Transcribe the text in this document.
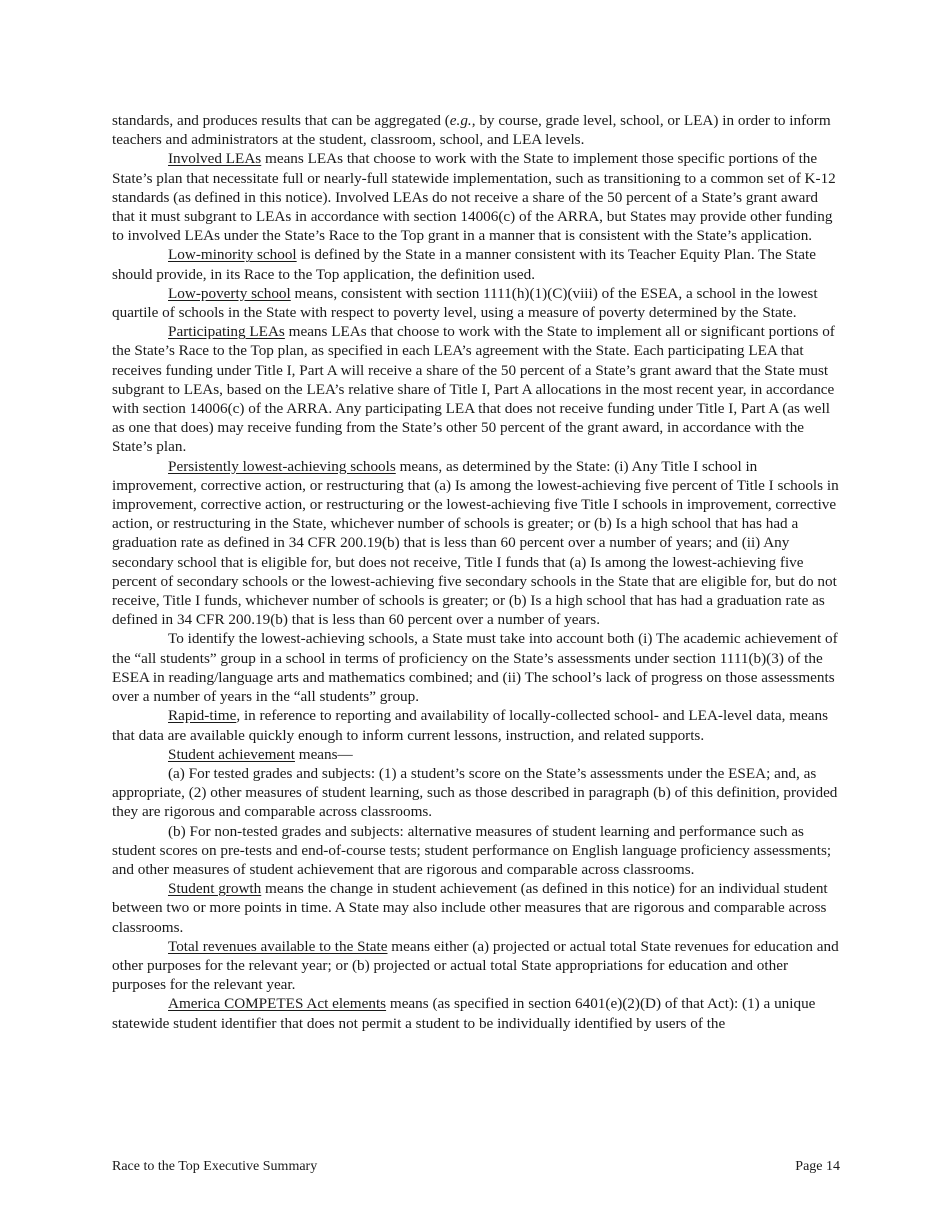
standards, and produces results that can be aggregated (e.g., by course, grade level, school, or LEA) in order to inform teachers and administrators at the student, classroom, school, and LEA levels.

Involved LEAs means LEAs that choose to work with the State to implement those specific portions of the State’s plan that necessitate full or nearly-full statewide implementation, such as transitioning to a common set of K-12 standards (as defined in this notice). Involved LEAs do not receive a share of the 50 percent of a State’s grant award that it must subgrant to LEAs in accordance with section 14006(c) of the ARRA, but States may provide other funding to involved LEAs under the State’s Race to the Top grant in a manner that is consistent with the State’s application.

Low-minority school is defined by the State in a manner consistent with its Teacher Equity Plan. The State should provide, in its Race to the Top application, the definition used.

Low-poverty school means, consistent with section 1111(h)(1)(C)(viii) of the ESEA, a school in the lowest quartile of schools in the State with respect to poverty level, using a measure of poverty determined by the State.

Participating LEAs means LEAs that choose to work with the State to implement all or significant portions of the State’s Race to the Top plan, as specified in each LEA’s agreement with the State. Each participating LEA that receives funding under Title I, Part A will receive a share of the 50 percent of a State’s grant award that the State must subgrant to LEAs, based on the LEA’s relative share of Title I, Part A allocations in the most recent year, in accordance with section 14006(c) of the ARRA. Any participating LEA that does not receive funding under Title I, Part A (as well as one that does) may receive funding from the State’s other 50 percent of the grant award, in accordance with the State’s plan.

Persistently lowest-achieving schools means, as determined by the State: (i) Any Title I school in improvement, corrective action, or restructuring that (a) Is among the lowest-achieving five percent of Title I schools in improvement, corrective action, or restructuring or the lowest-achieving five Title I schools in improvement, corrective action, or restructuring in the State, whichever number of schools is greater; or (b) Is a high school that has had a graduation rate as defined in 34 CFR 200.19(b) that is less than 60 percent over a number of years; and (ii) Any secondary school that is eligible for, but does not receive, Title I funds that (a) Is among the lowest-achieving five percent of secondary schools or the lowest-achieving five secondary schools in the State that are eligible for, but do not receive, Title I funds, whichever number of schools is greater; or (b) Is a high school that has had a graduation rate as defined in 34 CFR 200.19(b) that is less than 60 percent over a number of years.

To identify the lowest-achieving schools, a State must take into account both (i) The academic achievement of the “all students” group in a school in terms of proficiency on the State’s assessments under section 1111(b)(3) of the ESEA in reading/language arts and mathematics combined; and (ii) The school’s lack of progress on those assessments over a number of years in the “all students” group.

Rapid-time, in reference to reporting and availability of locally-collected school- and LEA-level data, means that data are available quickly enough to inform current lessons, instruction, and related supports.

Student achievement means—

(a) For tested grades and subjects: (1) a student’s score on the State’s assessments under the ESEA; and, as appropriate, (2) other measures of student learning, such as those described in paragraph (b) of this definition, provided they are rigorous and comparable across classrooms.

(b) For non-tested grades and subjects: alternative measures of student learning and performance such as student scores on pre-tests and end-of-course tests; student performance on English language proficiency assessments; and other measures of student achievement that are rigorous and comparable across classrooms.

Student growth means the change in student achievement (as defined in this notice) for an individual student between two or more points in time. A State may also include other measures that are rigorous and comparable across classrooms.

Total revenues available to the State means either (a) projected or actual total State revenues for education and other purposes for the relevant year; or (b) projected or actual total State appropriations for education and other purposes for the relevant year.

America COMPETES Act elements means (as specified in section 6401(e)(2)(D) of that Act): (1) a unique statewide student identifier that does not permit a student to be individually identified by users of the

Race to the Top Executive Summary	Page 14
